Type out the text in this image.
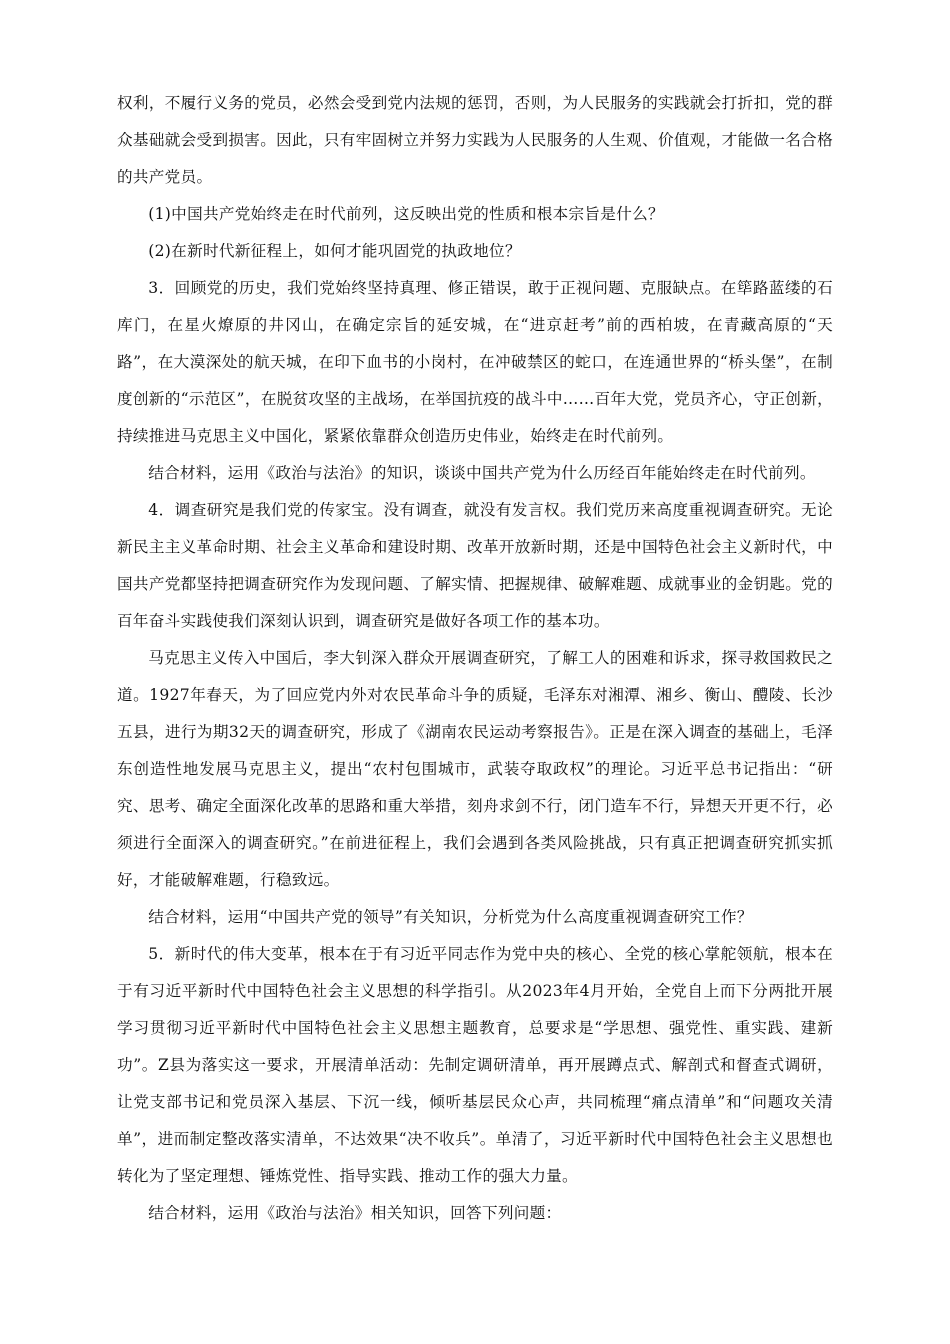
权利，不履行义务的党员，必然会受到党内法规的惩罚，否则，为人民服务的实践就会打折扣，党的群众基础就会受到损害。因此，只有牢固树立并努力实践为人民服务的人生观、价值观，才能做一名合格的共产党员。

(1)中国共产党始终走在时代前列，这反映出党的性质和根本宗旨是什么？

(2)在新时代新征程上，如何才能巩固党的执政地位？

3．回顾党的历史，我们党始终坚持真理、修正错误，敢于正视问题、克服缺点。在筚路蓝缕的石库门，在星火燎原的井冈山，在确定宗旨的延安城，在“进京赶考”前的西柏坡，在青藏高原的“天路”，在大漠深处的航天城，在印下血书的小岗村，在冲破禁区的蛇口，在连通世界的“桥头堡”，在制度创新的“示范区”，在脱贫攻坚的主战场，在举国抗疫的战斗中……百年大党，党员齐心，守正创新，持续推进马克思主义中国化，紧紧依靠群众创造历史伟业，始终走在时代前列。

结合材料，运用《政治与法治》的知识，谈谈中国共产党为什么历经百年能始终走在时代前列。

4．调查研究是我们党的传家宝。没有调查，就没有发言权。我们党历来高度重视调查研究。无论新民主主义革命时期、社会主义革命和建设时期、改革开放新时期，还是中国特色社会主义新时代，中国共产党都坚持把调查研究作为发现问题、了解实情、把握规律、破解难题、成就事业的金钥匙。党的百年奋斗实践使我们深刻认识到，调查研究是做好各项工作的基本功。

马克思主义传入中国后，李大钊深入群众开展调查研究，了解工人的困难和诉求，探寻救国救民之道。1927年春天，为了回应党内外对农民革命斗争的质疑，毛泽东对湘潭、湘乡、衡山、醴陵、长沙五县，进行为期32天的调查研究，形成了《湖南农民运动考察报告》。正是在深入调查的基础上，毛泽东创造性地发展马克思主义，提出“农村包围城市，武装夺取政权”的理论。习近平总书记指出：“研究、思考、确定全面深化改革的思路和重大举措，刻舟求剑不行，闭门造车不行，异想天开更不行，必须进行全面深入的调查研究。”在前进征程上，我们会遇到各类风险挑战，只有真正把调查研究抓实抓好，才能破解难题，行稳致远。

结合材料，运用“中国共产党的领导”有关知识，分析党为什么高度重视调查研究工作？

5．新时代的伟大变革，根本在于有习近平同志作为党中央的核心、全党的核心掌舵领航，根本在于有习近平新时代中国特色社会主义思想的科学指引。从2023年4月开始，全党自上而下分两批开展学习贯彻习近平新时代中国特色社会主义思想主题教育，总要求是“学思想、强党性、重实践、建新功”。Z县为落实这一要求，开展清单活动：先制定调研清单，再开展蹲点式、解剖式和督查式调研，让党支部书记和党员深入基层、下沉一线，倾听基层民众心声，共同梳理“痛点清单”和“问题攻关清单”，进而制定整改落实清单，不达效果“决不收兵”。单清了，习近平新时代中国特色社会主义思想也转化为了坚定理想、锤炼党性、指导实践、推动工作的强大力量。

结合材料，运用《政治与法治》相关知识，回答下列问题：
